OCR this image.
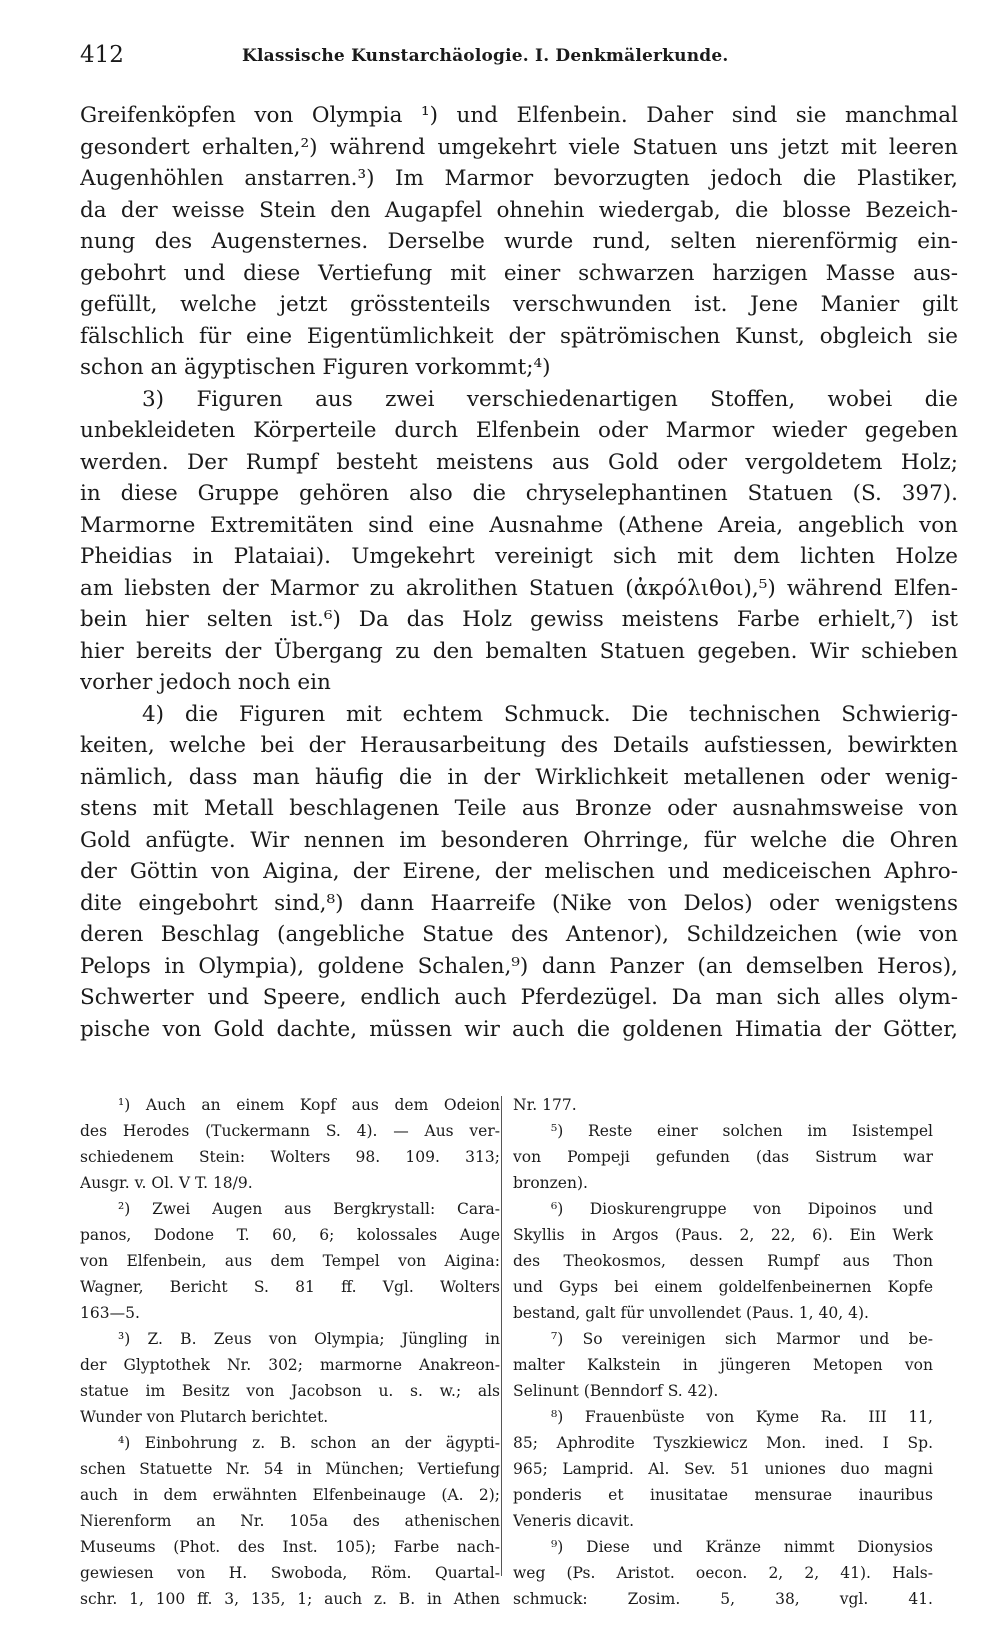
412	Klassische Kunstarchäologie. I. Denkmälerkunde.
Greifenköpfen von Olympia ¹) und Elfenbein. Daher sind sie manchmal
gesondert erhalten,²) während umgekehrt viele Statuen uns jetzt mit leeren
Augenhöhlen anstarren.³) Im Marmor bevorzugten jedoch die Plastiker,
da der weisse Stein den Augapfel ohnehin wiedergab, die blosse Bezeich-
nung des Augensternes. Derselbe wurde rund, selten nierenförmig ein-
gebohrt und diese Vertiefung mit einer schwarzen harzigen Masse aus-
gefüllt, welche jetzt grösstenteils verschwunden ist. Jene Manier gilt
fälschlich für eine Eigentümlichkeit der spätrömischen Kunst, obgleich sie
schon an ägyptischen Figuren vorkommt;⁴)
3) Figuren aus zwei verschiedenartigen Stoffen, wobei die
unbekleideten Körperteile durch Elfenbein oder Marmor wieder gegeben
werden. Der Rumpf besteht meistens aus Gold oder vergoldetem Holz;
in diese Gruppe gehören also die chryselephantinen Statuen (S. 397).
Marmorne Extremitäten sind eine Ausnahme (Athene Areia, angeblich von
Pheidias in Plataiai). Umgekehrt vereinigt sich mit dem lichten Holze
am liebsten der Marmor zu akrolithen Statuen (ἀκρόλιθοι),⁵) während Elfen-
bein hier selten ist.⁶) Da das Holz gewiss meistens Farbe erhielt,⁷) ist
hier bereits der Übergang zu den bemalten Statuen gegeben. Wir schieben
vorher jedoch noch ein
4) die Figuren mit echtem Schmuck. Die technischen Schwierig-
keiten, welche bei der Herausarbeitung des Details aufstiessen, bewirkten
nämlich, dass man häufig die in der Wirklichkeit metallenen oder wenig-
stens mit Metall beschlagenen Teile aus Bronze oder ausnahmsweise von
Gold anfügte. Wir nennen im besonderen Ohrringe, für welche die Ohren
der Göttin von Aigina, der Eirene, der melischen und mediceischen Aphro-
dite eingebohrt sind,⁸) dann Haarreife (Nike von Delos) oder wenigstens
deren Beschlag (angebliche Statue des Antenor), Schildzeichen (wie von
Pelops in Olympia), goldene Schalen,⁹) dann Panzer (an demselben Heros),
Schwerter und Speere, endlich auch Pferdezügel. Da man sich alles olym-
pische von Gold dachte, müssen wir auch die goldenen Himatia der Götter,
¹) Auch an einem Kopf aus dem Odeion
des Herodes (Tuckermann S. 4). — Aus ver-
schiedenem Stein: Wolters 98. 109. 313;
Ausgr. v. Ol. V T. 18/9.
²) Zwei Augen aus Bergkrystall: Cara-
panos, Dodone T. 60, 6; kolossales Auge
von Elfenbein, aus dem Tempel von Aigina:
Wagner, Bericht S. 81 ff. Vgl. Wolters
163—5.
³) Z. B. Zeus von Olympia; Jüngling in
der Glyptothek Nr. 302; marmorne Anakreon-
statue im Besitz von Jacobson u. s. w.; als
Wunder von Plutarch berichtet.
⁴) Einbohrung z. B. schon an der ägypti-
schen Statuette Nr. 54 in München; Vertiefung
auch in dem erwähnten Elfenbeinauge (A. 2);
Nierenform an Nr. 105a des athenischen
Museums (Phot. des Inst. 105); Farbe nach-
gewiesen von H. Swoboda, Röm. Quartal-
schr. 1, 100 ff. 3, 135, 1; auch z. B. in Athen
Nr. 177.
⁵) Reste einer solchen im Isistempel
von Pompeji gefunden (das Sistrum war
bronzen).
⁶) Dioskurengruppe von Dipoinos und
Skyllis in Argos (Paus. 2, 22, 6). Ein Werk
des Theokosmos, dessen Rumpf aus Thon
und Gyps bei einem goldelfenbeinernen Kopfe
bestand, galt für unvollendet (Paus. 1, 40, 4).
⁷) So vereinigen sich Marmor und be-
malter Kalkstein in jüngeren Metopen von
Selinunt (Benndorf S. 42).
⁸) Frauenbüste von Kyme Ra. III 11,
85; Aphrodite Tyszkiewicz Mon. ined. I Sp.
965; Lamprid. Al. Sev. 51 uniones duo magni
ponderis et inusitatae mensurae inauribus
Veneris dicavit.
⁹) Diese und Kränze nimmt Dionysios
weg (Ps. Aristot. oecon. 2, 2, 41). Hals-
schmuck: Zosim. 5, 38, vgl. 41.
